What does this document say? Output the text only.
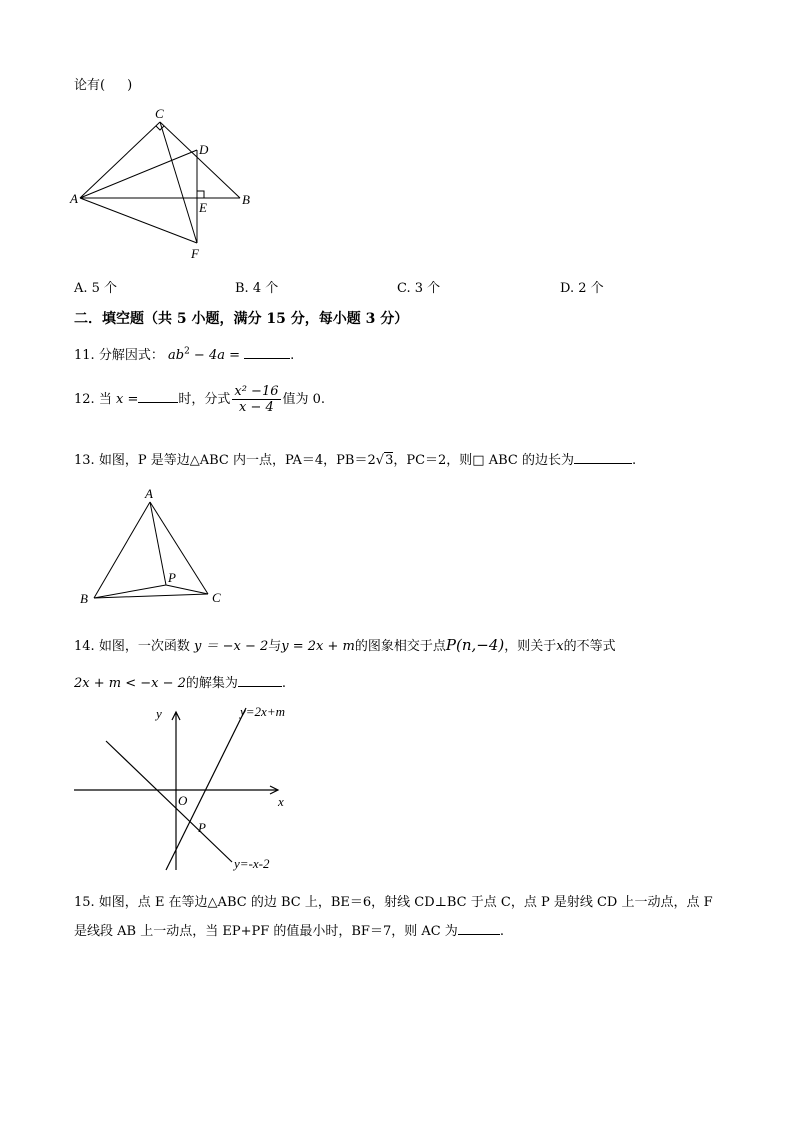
论有( )
C
D
A
E
B
F
A. 5 个	B. 4 个	C. 3 个	D. 2 个
二．填空题（共 5 小题，满分 15 分，每小题 3 分）
11. 分解因式： $ab^2 - 4a$ =	.
12. 当 x =	时，分式 $\frac{\text{x² −16}}{x - 4}$ 值为 0.
13. 如图，P 是等边△ABC 内一点，PA＝4，PB＝2√3，PC＝2，则□ ABC 的边长为	.
A
B	C
P
14. 如图，一次函数 y ＝ −x − 2与y = 2x + m的图象相交于点P(n,−4)，则关于x的不等式
2x + m < −x − 2的解集为	.
y
x
O
P
y=2x+m
y=-x-2
15. 如图，点 E 在等边△ABC 的边 BC 上，BE＝6，射线 CD⊥BC 于点 C，点 P 是射线 CD 上一动点，点 F
是线段 AB 上一动点，当 EP+PF 的值最小时，BF＝7，则 AC 为	.
